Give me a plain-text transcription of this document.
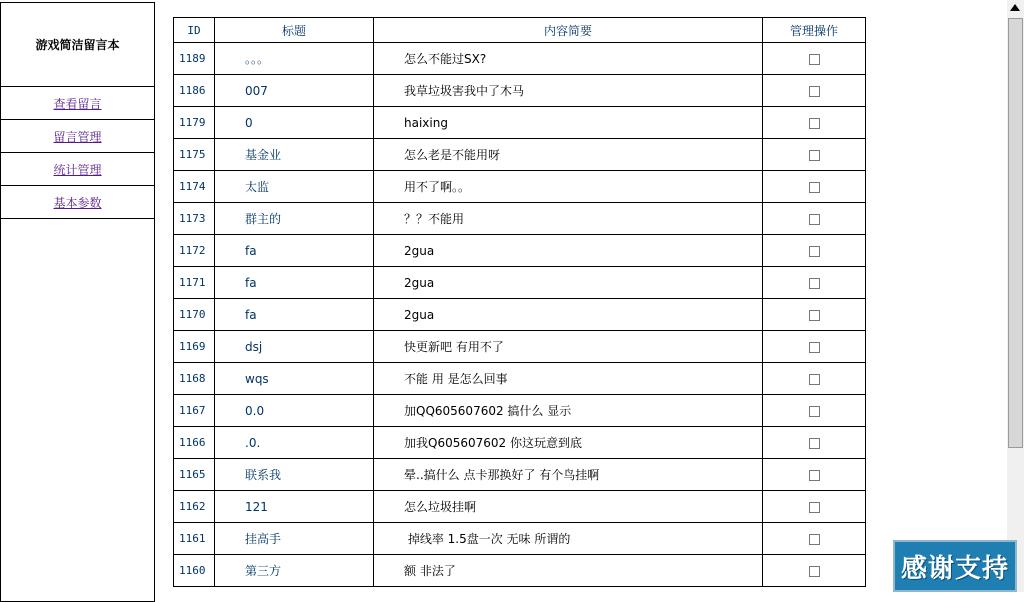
游戏简洁留言本
查看留言
留言管理
统计管理
基本参数
ID	标题	内容简要	管理操作
1189	。。。	怎么不能过SX?	
1186	007	我草垃圾害我中了木马	
1179	0	haixing	
1175	基金业	怎么老是不能用呀	
1174	太监	用不了啊。。	
1173	群主的	？？不能用	
1172	fa	2gua	
1171	fa	2gua	
1170	fa	2gua	
1169	dsj	快更新吧 有用不了	
1168	wqs	不能 用 是怎么回事	
1167	0.0	加QQ605607602 搞什么 显示	
1166	.0.	加我Q605607602 你这玩意到底	
1165	联系我	晕..搞什么 点卡那换好了 有个鸟挂啊	
1162	121	怎么垃圾挂啊	
1161	挂高手	掉线率 1.5盘一次 无味 所谓的	
1160	第三方	额 非法了		感谢支持
